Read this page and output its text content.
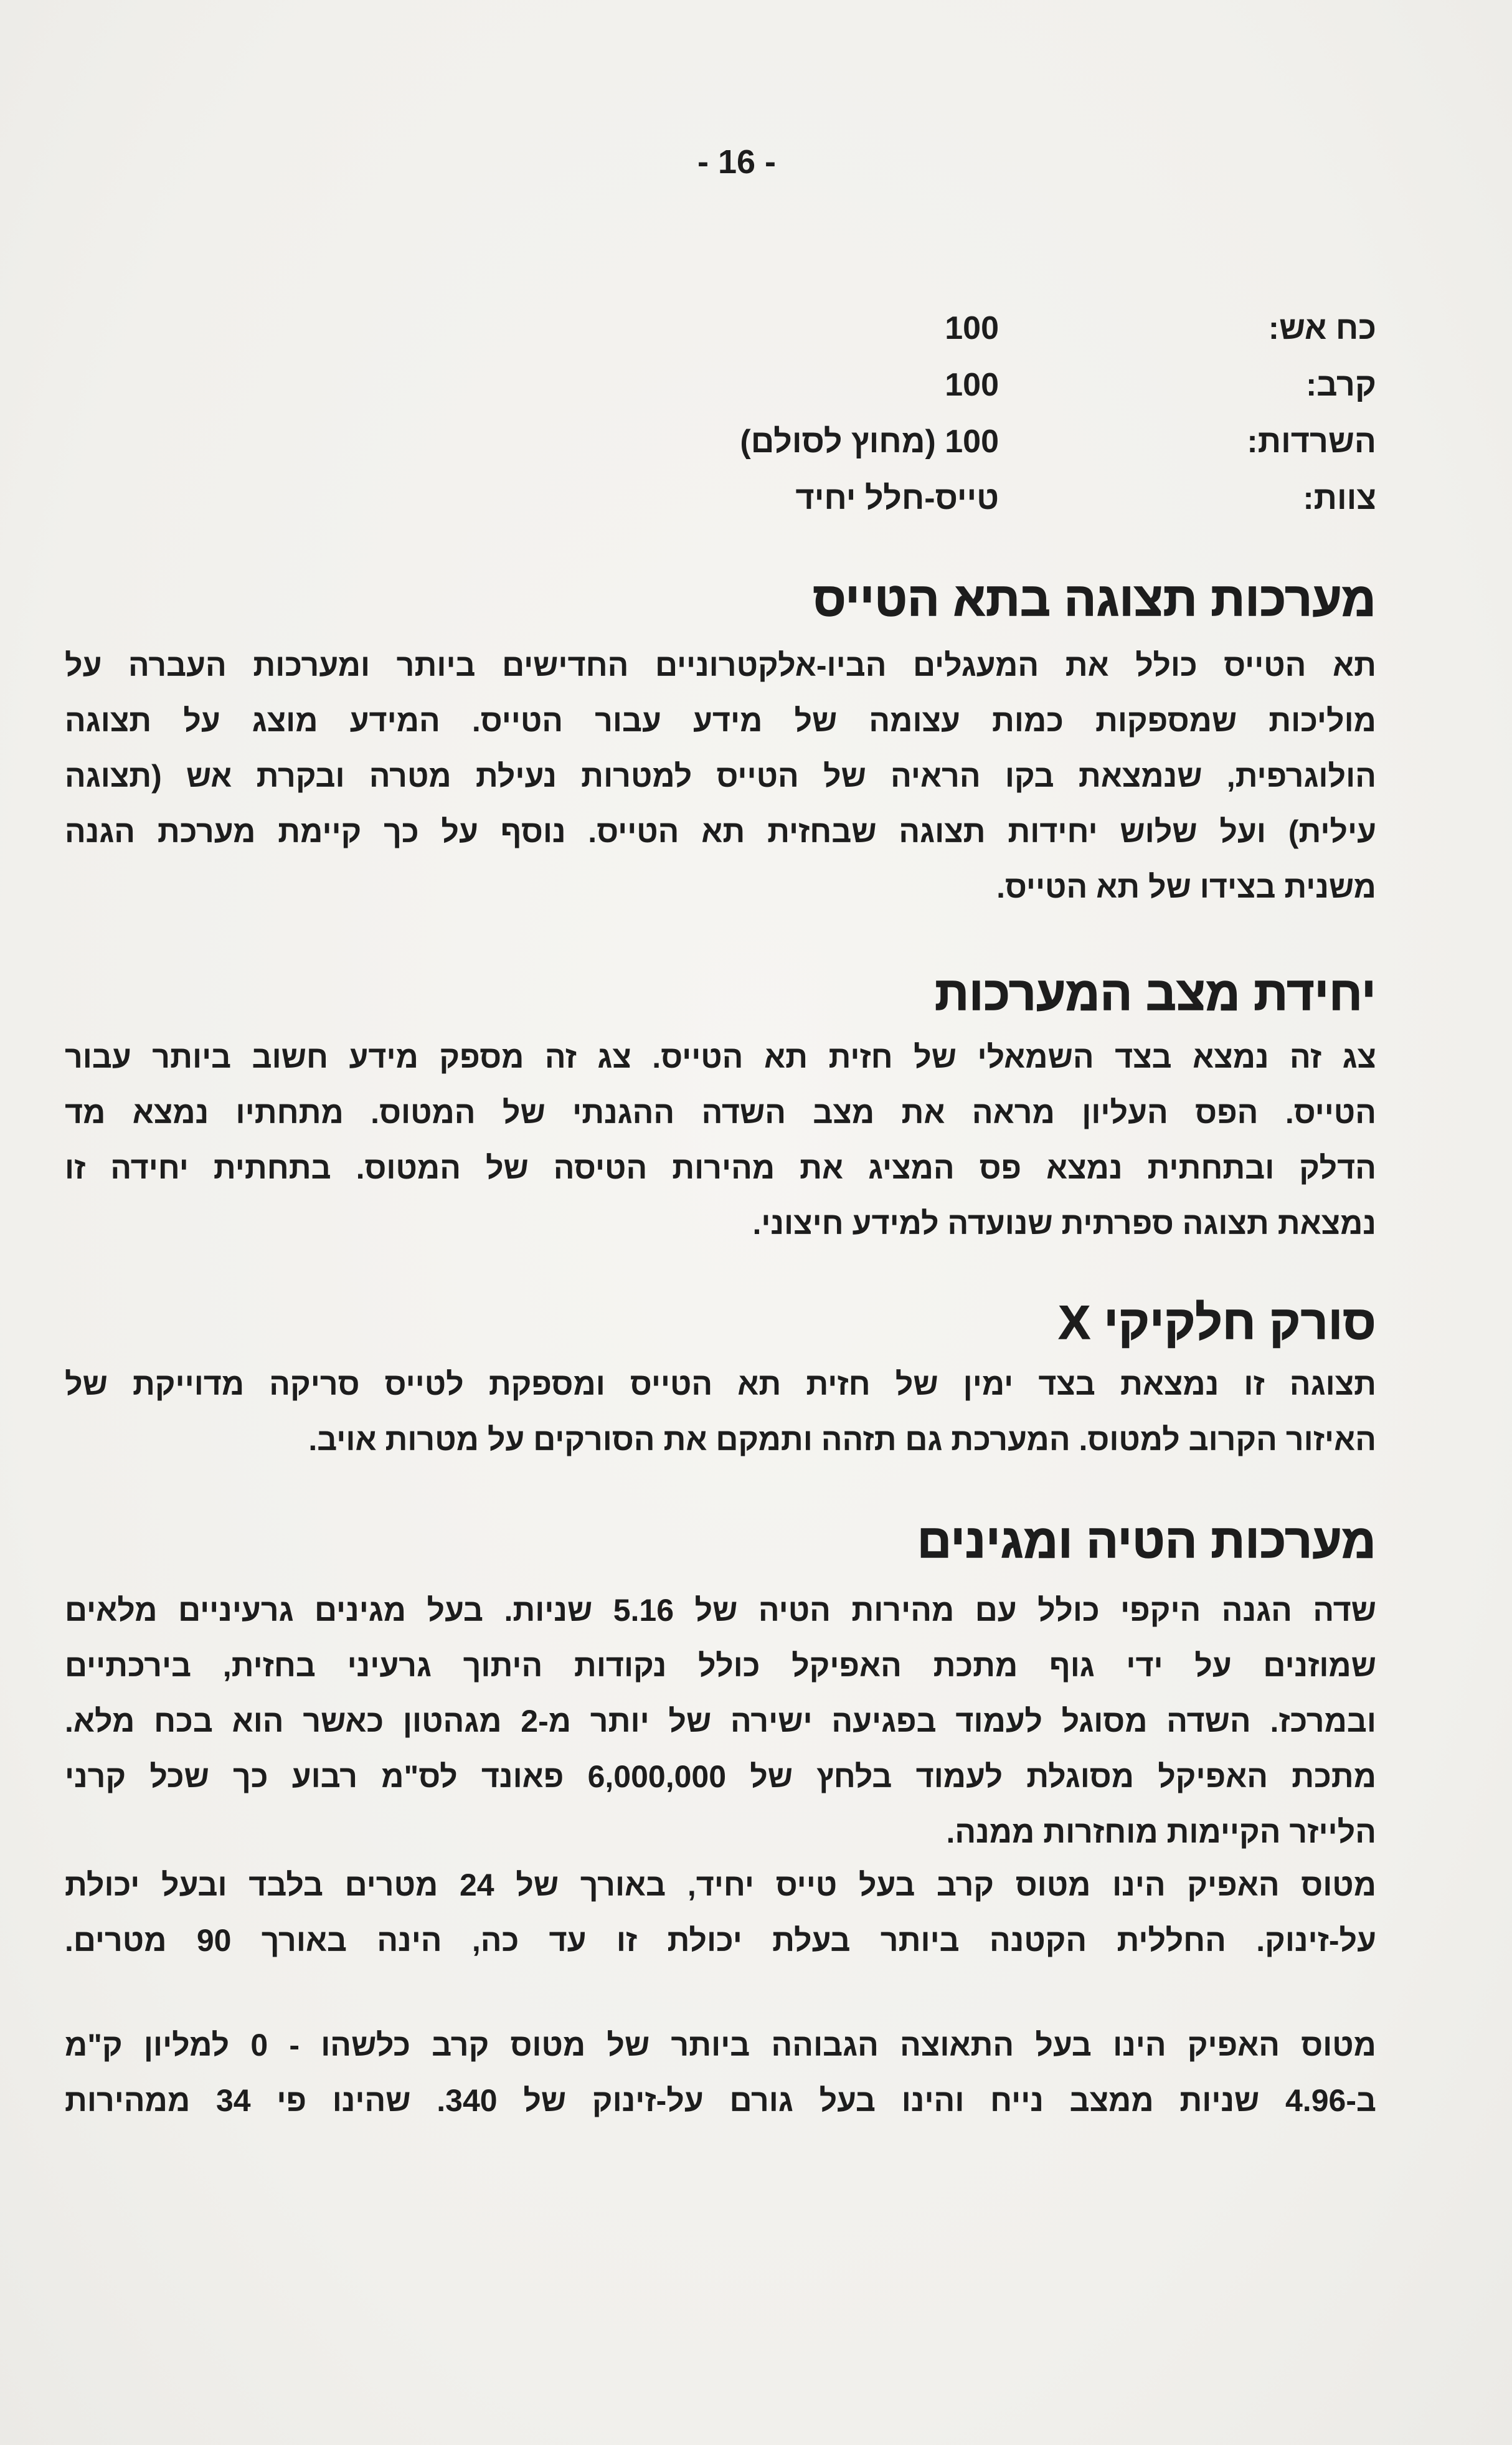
- 16 -
כח אש:
100
קרב:
100
השרדות:
100 (מחוץ לסולם)
צוות:
טייס-חלל יחיד
מערכות תצוגה בתא הטייס
תא הטייס כולל את המעגלים הביו-אלקטרוניים החדישים ביותר ומערכות העברה על
מוליכות שמספקות כמות עצומה של מידע עבור הטייס. המידע מוצג על תצוגה
הולוגרפית, שנמצאת בקו הראיה של הטייס למטרות נעילת מטרה ובקרת אש (תצוגה
עילית) ועל שלוש יחידות תצוגה שבחזית תא הטייס. נוסף על כך קיימת מערכת הגנה
משנית בצידו של תא הטייס.
יחידת מצב המערכות
צג זה נמצא בצד השמאלי של חזית תא הטייס. צג זה מספק מידע חשוב ביותר עבור
הטייס. הפס העליון מראה את מצב השדה ההגנתי של המטוס. מתחתיו נמצא מד
הדלק ובתחתית נמצא פס המציג את מהירות הטיסה של המטוס. בתחתית יחידה זו
נמצאת תצוגה ספרתית שנועדה למידע חיצוני.
סורק חלקיקי X
תצוגה זו נמצאת בצד ימין של חזית תא הטייס ומספקת לטייס סריקה מדוייקת של
האיזור הקרוב למטוס. המערכת גם תזהה ותמקם את הסורקים על מטרות אויב.
מערכות הטיה ומגינים
שדה הגנה היקפי כולל עם מהירות הטיה של 5.16 שניות. בעל מגינים גרעיניים מלאים
שמוזנים על ידי גוף מתכת האפיקל כולל נקודות היתוך גרעיני בחזית, בירכתיים
ובמרכז. השדה מסוגל לעמוד בפגיעה ישירה של יותר מ-2 מגהטון כאשר הוא בכח מלא.
מתכת האפיקל מסוגלת לעמוד בלחץ של 6,000,000 פאונד לס"מ רבוע כך שכל קרני
הלייזר הקיימות מוחזרות ממנה.
מטוס האפיק הינו מטוס קרב בעל טייס יחיד, באורך של 24 מטרים בלבד ובעל יכולת
על-זינוק. החללית הקטנה ביותר בעלת יכולת זו עד כה, הינה באורך 90 מטרים.
מטוס האפיק הינו בעל התאוצה הגבוהה ביותר של מטוס קרב כלשהו - 0 למליון ק"מ
ב-4.96 שניות ממצב נייח והינו בעל גורם על-זינוק של 340. שהינו פי 34 ממהירות
